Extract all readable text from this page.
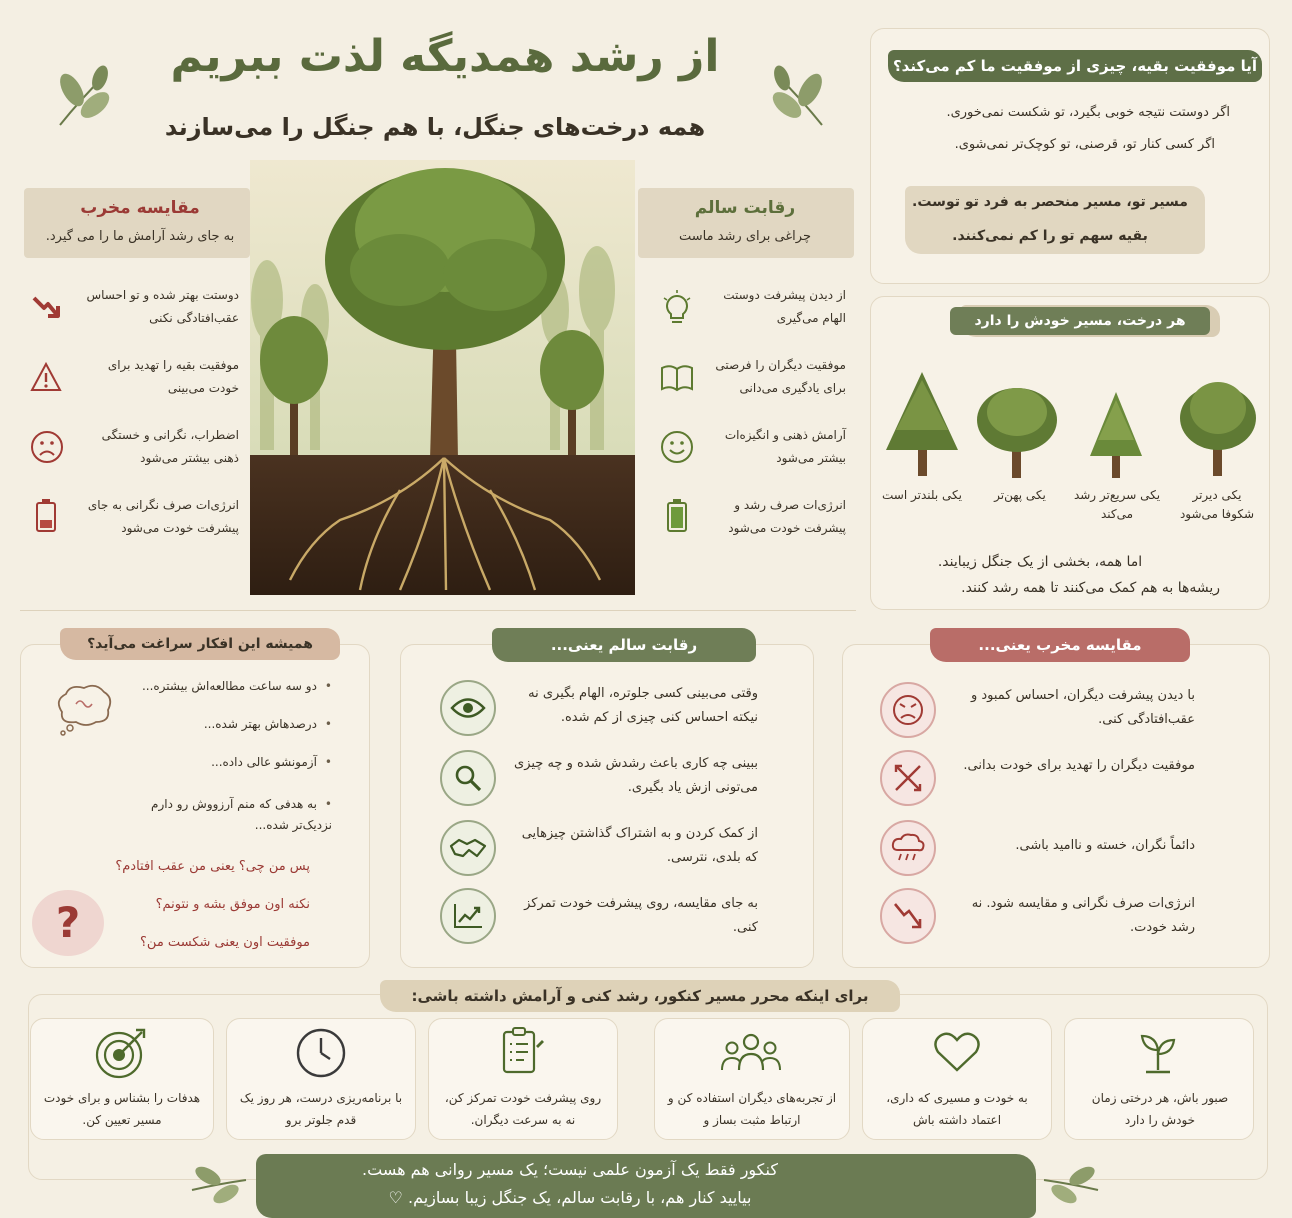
از رشد همدیگه لذت ببریم
همه درخت‌های جنگل، با هم جنگل را می‌سازند
آیا موفقیت بقیه، چیزی از موفقیت ما کم می‌کند؟
اگر دوستت نتیجه خوبی بگیرد، تو شکست نمی‌خوری.
اگر کسی کنار تو، قرصنی، تو کوچک‌تر نمی‌شوی.
مسیر تو، مسیر منحصر به فرد تو توست.
بقیه سهم تو را کم نمی‌کنند.
هر درخت، مسیر خودش را دارد
یکی دیرتر شکوفا می‌شود
یکی سریع‌تر رشد می‌کند
یکی پهن‌تر
یکی بلندتر است
اما همه، بخشی از یک جنگل زیبایند.
ریشه‌ها به هم کمک می‌کنند تا همه رشد کنند.
رقابت سالم
چراغی برای رشد ماست
از دیدن پیشرفت دوستت الهام می‌گیری
موفقیت دیگران را فرصتی برای یادگیری می‌دانی
آرامش ذهنی و انگیزه‌ات بیشتر می‌شود
انرژی‌ات صرف رشد و پیشرفت خودت می‌شود
مقایسه مخرب
به جای رشد آرامش ما را می گیرد.
دوستت بهتر شده و تو احساس عقب‌افتادگی نکنی
موفقیت بقیه را تهدید برای خودت می‌بینی
اضطراب، نگرانی و خستگی ذهنی بیشتر می‌شود
انرژی‌ات صرف نگرانی به جای پیشرفت خودت می‌شود
همیشه این افکار سراغت می‌آید؟
• دو سه ساعت مطالعه‌اش بیشتره...
• درصدهاش بهتر شده...
• آزمونشو عالی داده...
• به هدفی که منم آرزووش رو دارم نزدیک‌تر شده...
?
پس من چی؟ یعنی من عقب افتادم؟
نکنه اون موفق بشه و نتونم؟
موفقیت اون یعنی شکست من؟
رقابت سالم یعنی...
وقتی می‌بینی کسی جلوتره، الهام بگیری نه نیکته احساس کنی چیزی از کم شده.
ببینی چه کاری باعث رشدش شده و چه چیزی می‌تونی ازش یاد بگیری.
از کمک کردن و به اشتراک گذاشتن چیزهایی که بلدی، نترسی.
به جای مقایسه، روی پیشرفت خودت تمرکز کنی.
مقایسه مخرب یعنی...
با دیدن پیشرفت دیگران، احساس کمبود و عقب‌افتادگی کنی.
موفقیت دیگران را تهدید برای خودت بدانی.
دائماً نگران، خسته و ناامید باشی.
انرژی‌ات صرف نگرانی و مقایسه شود. نه رشد خودت.
برای اینکه محرر مسیر کنکور، رشد کنی و آرامش داشته باشی:
صبور باش، هر درختی زمان خودش را دارد
به خودت و مسیری که داری، اعتماد داشته باش
از تجربه‌های دیگران استفاده کن و ارتباط مثبت بساز و
روی پیشرفت خودت تمرکز کن، نه به سرعت دیگران.
با برنامه‌ریزی درست، هر روز یک قدم جلوتر برو
هدفات را بشناس و برای خودت مسیر تعیین کن.
کنکور فقط یک آزمون علمی نیست؛ یک مسیر روانی هم هست.
بیایید کنار هم، با رقابت سالم، یک جنگل زیبا بسازیم. ♡
